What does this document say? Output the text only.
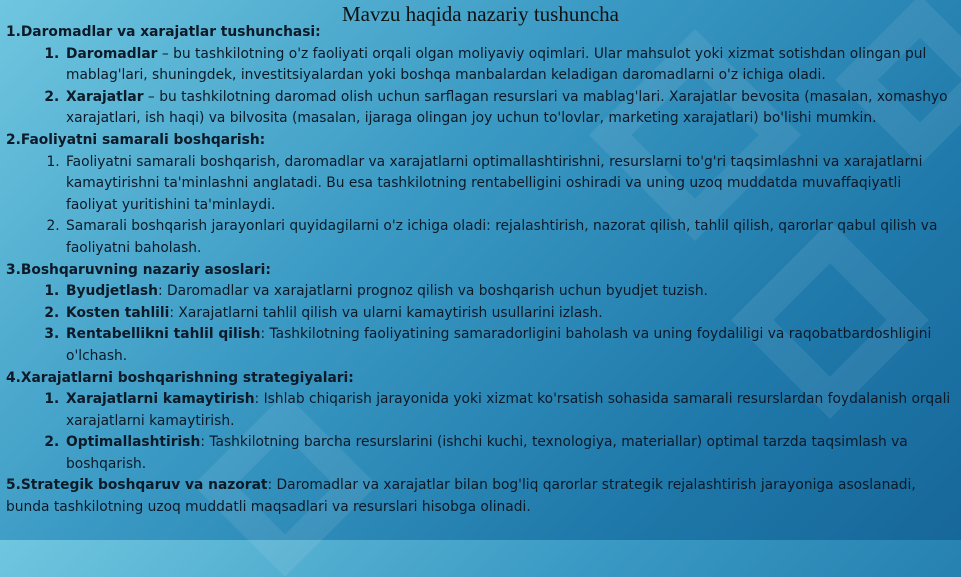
Mavzu haqida nazariy tushuncha

1.Daromadlar va xarajatlar tushunchasi:

1. Daromadlar – bu tashkilotning o'z faoliyati orqali olgan moliyaviy oqimlari. Ular mahsulot yoki xizmat sotishdan olingan pul mablag'lari, shuningdek, investitsiyalardan yoki boshqa manbalardan keladigan daromadlarni o'z ichiga oladi.
2. Xarajatlar – bu tashkilotning daromad olish uchun sarflagan resurslari va mablag'lari. Xarajatlar bevosita (masalan, xomashyo xarajatlari, ish haqi) va bilvosita (masalan, ijaraga olingan joy uchun to'lovlar, marketing xarajatlari) bo'lishi mumkin.

2.Faoliyatni samarali boshqarish:

1. Faoliyatni samarali boshqarish, daromadlar va xarajatlarni optimallashtirishni, resurslarni to'g'ri taqsimlashni va xarajatlarni kamaytirishni ta'minlashni anglatadi. Bu esa tashkilotning rentabelligini oshiradi va uning uzoq muddatda muvaffaqiyatli faoliyat yuritishini ta'minlaydi.
2. Samarali boshqarish jarayonlari quyidagilarni o'z ichiga oladi: rejalashtirish, nazorat qilish, tahlil qilish, qarorlar qabul qilish va faoliyatni baholash.

3.Boshqaruvning nazariy asoslari:

1. Byudjetlash: Daromadlar va xarajatlarni prognoz qilish va boshqarish uchun byudjet tuzish.
2. Kosten tahlili: Xarajatlarni tahlil qilish va ularni kamaytirish usullarini izlash.
3. Rentabellikni tahlil qilish: Tashkilotning faoliyatining samaradorligini baholash va uning foydaliligi va raqobatbardoshligini o'lchash.

4.Xarajatlarni boshqarishning strategiyalari:

1. Xarajatlarni kamaytirish: Ishlab chiqarish jarayonida yoki xizmat ko'rsatish sohasida samarali resurslardan foydalanish orqali xarajatlarni kamaytirish.
2. Optimallashtirish: Tashkilotning barcha resurslarini (ishchi kuchi, texnologiya, materiallar) optimal tarzda taqsimlash va boshqarish.

5.Strategik boshqaruv va nazorat: Daromadlar va xarajatlar bilan bog'liq qarorlar strategik rejalashtirish jarayoniga asoslanadi, bunda tashkilotning uzoq muddatli maqsadlari va resurslari hisobga olinadi.
